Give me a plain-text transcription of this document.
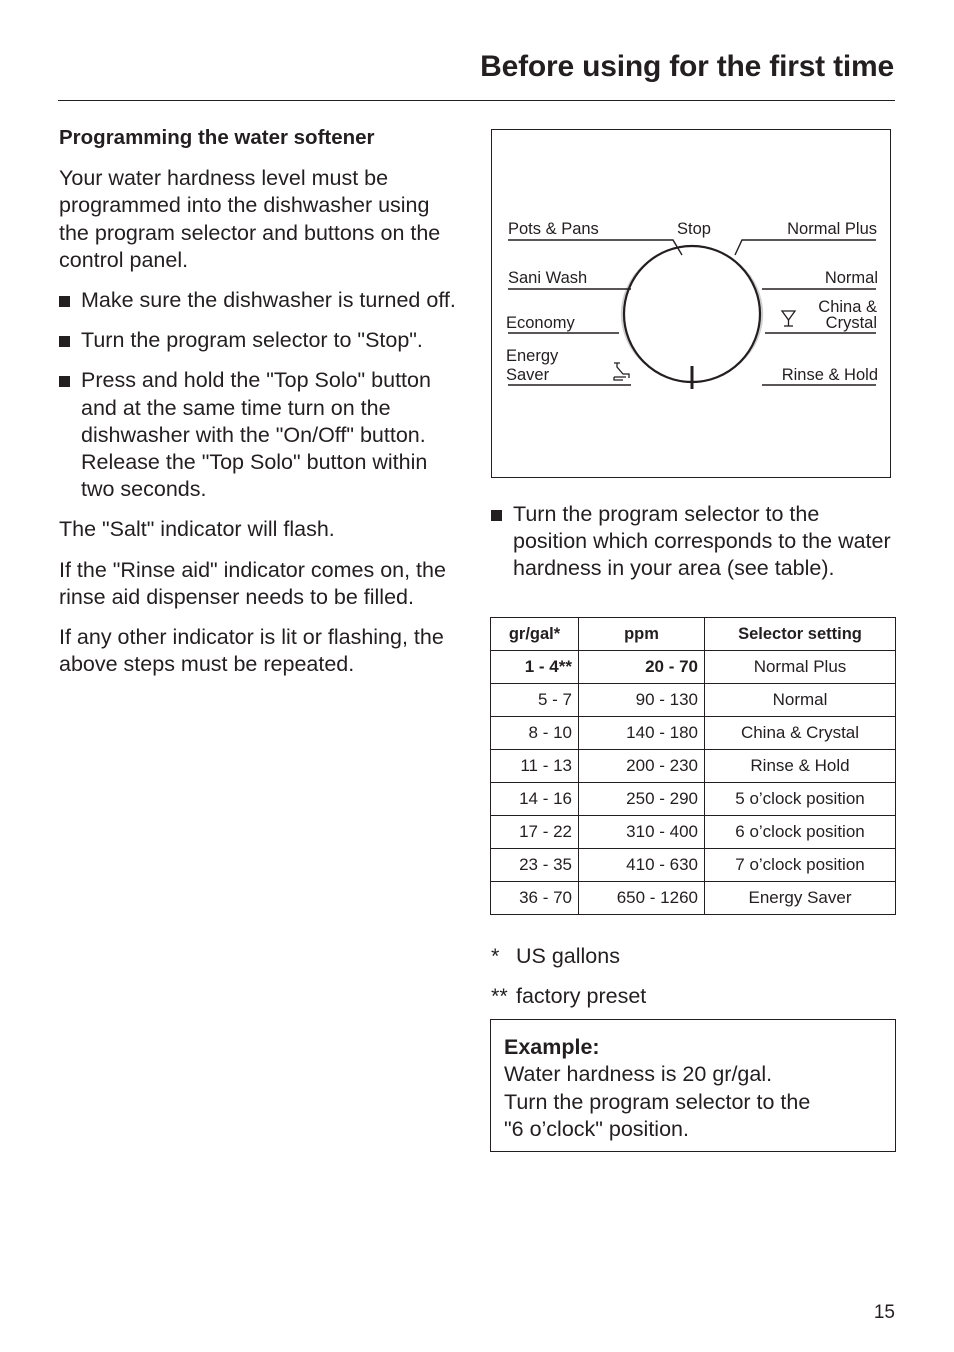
Before using for the first time
Programming the water softener

Your water hardness level must be programmed into the dishwasher using the program selector and buttons on the control panel.

Make sure the dishwasher is turned off.
Turn the program selector to "Stop".
Press and hold the "Top Solo" button and at the same time turn on the dishwasher with the "On/Off" button. Release the "Top Solo" button within two seconds.

The "Salt" indicator will flash.

If the "Rinse aid" indicator comes on, the rinse aid dispenser needs to be filled.

If any other indicator is lit or flashing, the above steps must be repeated.

Pots & Pans	Stop	Normal Plus
Sani Wash	Normal
Economy
China &
Crystal
Energy
Saver	Rinse & Hold
Turn the program selector to the position which corresponds to the water hardness in your area (see table).
gr/gal*	ppm	Selector setting
1 - 4**	20 - 70	Normal Plus
5 - 7	90 - 130	Normal
8 - 10	140 - 180	China & Crystal
11 - 13	200 - 230	Rinse & Hold
14 - 16	250 - 290	5 o’clock position
17 - 22	310 - 400	6 o’clock position
23 - 35	410 - 630	7 o’clock position
36 - 70	650 - 1260	Energy Saver
* US gallons
** factory preset
Example:
Water hardness is 20 gr/gal.
Turn the program selector to the
"6 o’clock" position.
15
